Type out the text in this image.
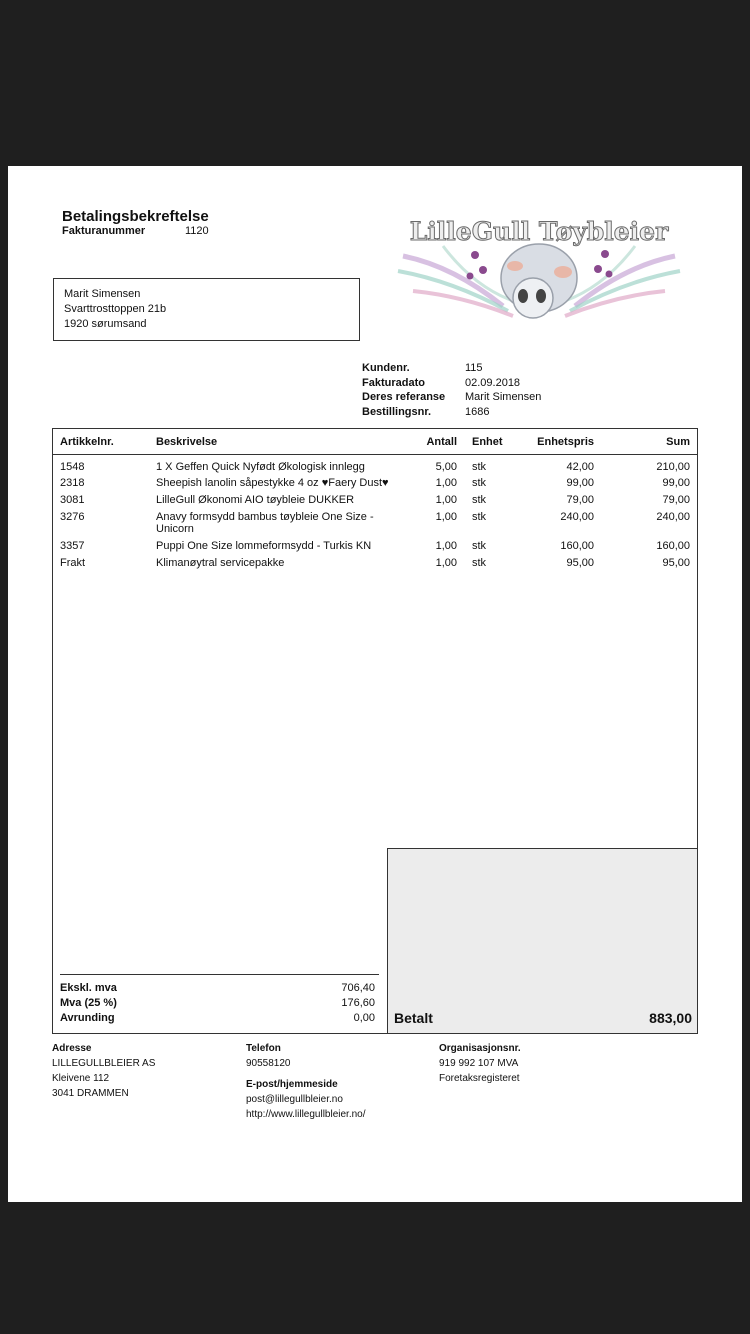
Betalingsbekreftelse
Fakturanummer	1120	LilleGull Tøybleier
Marit Simensen
Svarttrosttoppen 21b
1920 sørumsand
Kundenr.	115
Fakturadato	02.09.2018
Deres referanse Marit Simensen
Bestillingsnr.	1686
Artikkelnr.	Beskrivelse	Antall Enhet	Enhetspris	Sum
1548	1 X Geffen Quick Nyfødt Økologisk innlegg	5,00 stk	42,00	210,00
2318	Sheepish lanolin såpestykke 4 oz ♥Faery Dust♥	1,00 stk	99,00	99,00
3081	LilleGull Økonomi AIO tøybleie DUKKER	1,00 stk	79,00	79,00
3276	Anavy formsydd bambus tøybleie One Size - Unicorn
1,00 stk	240,00	240,00
3357	Puppi One Size lommeformsydd - Turkis KN	1,00 stk	160,00	160,00
Frakt	Klimanøytral servicepakke	1,00 stk	95,00	95,00
Betalt	883,00
Ekskl. mva	706,40
Mva (25 %)	176,60
Avrunding	0,00
Adresse
LILLEGULLBLEIER AS
Kleivene 112
3041 DRAMMEN
Telefon
90558120
E-post/hjemmeside
post@lillegullbleier.no
http://www.lillegullbleier.no/
Organisasjonsnr.
919 992 107 MVA
Foretaksregisteret
